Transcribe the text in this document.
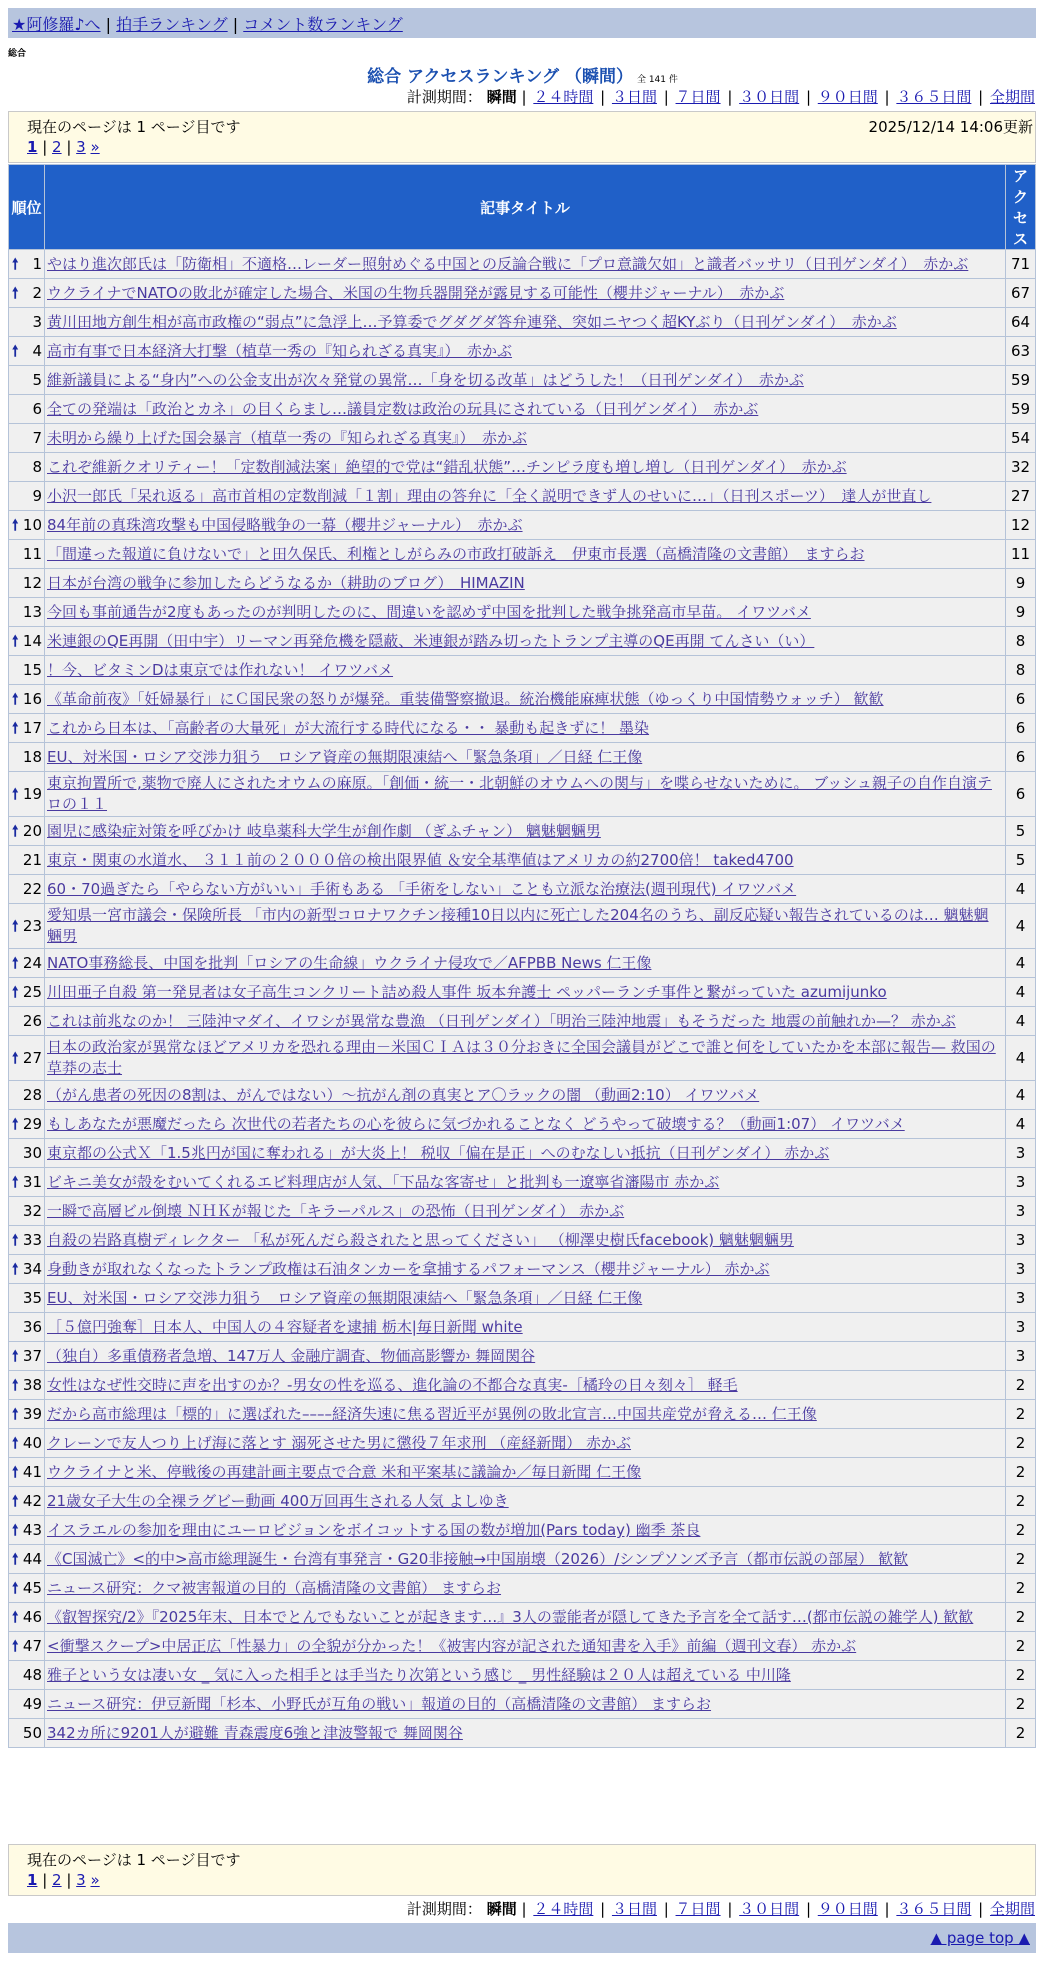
★阿修羅♪へ | 拍手ランキング | コメント数ランキング
総合
総合 アクセスランキング （瞬間） 全 141 件
計測期間： 瞬間 | ２４時間 | ３日間 | ７日間 | ３０日間 | ９０日間 | ３６５日間 | 全期間
現在のページは 1 ページ目です	2025/12/14 14:06更新
1 | 2 | 3 »
順位	記事タイトル	アクセス

🠕 1	やはり進次郎氏は「防衛相」不適格…レーダー照射めぐる中国との反論合戦に「プロ意識欠如」と識者バッサリ（日刊ゲンダイ）　赤かぶ	71

🠕 2	ウクライナでNATOの敗北が確定した場合、米国の生物兵器開発が露見する可能性（櫻井ジャーナル）　赤かぶ	67
3	黄川田地方創生相が高市政権の“弱点”に急浮上…予算委でグダグダ答弁連発、突如ニヤつく超KYぶり（日刊ゲンダイ）　赤かぶ	64

🠕 4	高市有事で日本経済大打撃（植草一秀の『知られざる真実』）　赤かぶ	63
5	維新議員による“身内”への公金支出が次々発覚の異常…「身を切る改革」はどうした！（日刊ゲンダイ）　赤かぶ	59
6	全ての発端は「政治とカネ」の目くらまし…議員定数は政治の玩具にされている（日刊ゲンダイ）　赤かぶ	59
7	未明から繰り上げた国会暴言（植草一秀の『知られざる真実』）　赤かぶ	54
8	これぞ維新クオリティー！「定数削減法案」絶望的で党は“錯乱状態”…チンピラ度も増し増し（日刊ゲンダイ）　赤かぶ	32
9	小沢一郎氏「呆れ返る」高市首相の定数削減「１割」理由の答弁に「全く説明できず人のせいに…」（日刊スポーツ）　達人が世直し	27

🠕 10	84年前の真珠湾攻撃も中国侵略戦争の一幕（櫻井ジャーナル）　赤かぶ	12
11	「間違った報道に負けないで」と田久保氏、利権としがらみの市政打破訴え　伊東市長選（高橋清隆の文書館）　ますらお	11
12	日本が台湾の戦争に参加したらどうなるか（耕助のブログ）　HIMAZIN	9
13	今回も事前通告が2度もあったのが判明したのに、間違いを認めず中国を批判した戦争挑発高市早苗。 イワツバメ	9

🠕 14	米連銀のQE再開（田中宇）リーマン再発危機を隠蔽、米連銀が踏み切ったトランプ主導のQE再開 てんさい（い）	8
15	！今、ビタミンDは東京では作れない！ イワツバメ	8

🠕 16	《革命前夜》「妊婦暴行」にＣ国民衆の怒りが爆発。重装備警察撤退。統治機能麻痺状態（ゆっくり中国情勢ウォッチ） 歓歓	6

🠕 17	これから日本は、「高齢者の大量死」が大流行する時代になる・・ 暴動も起きずに！ 墨染	6
18	EU、対米国・ロシア交渉力狙う　ロシア資産の無期限凍結へ「緊急条項」／日経 仁王像	6

🠕 19	東京拘置所で,薬物で廃人にされたオウムの麻原。「創価・統一・北朝鮮のオウムへの関与」を喋らせないために。 ブッシュ親子の自作自演テロの１１	6

🠕 20	園児に感染症対策を呼びかけ 岐阜薬科大学生が創作劇 （ぎふチャン） 魑魅魍魎男	5
21	東京・関東の水道水、 ３１１前の２０００倍の検出限界値 ＆安全基準値はアメリカの約2700倍！ taked4700	5
22	60・70過ぎたら「やらない方がいい」手術もある 「手術をしない」ことも立派な治療法(週刊現代) イワツバメ	4

🠕 23	愛知県一宮市議会・保険所長 「市内の新型コロナワクチン接種10日以内に死亡した204名のうち、副反応疑い報告されているのは… 魑魅魍魎男	4

🠕 24	NATO事務総長、中国を批判「ロシアの生命線」ウクライナ侵攻で／AFPBB News 仁王像	4

🠕 25	川田亜子自殺 第一発見者は女子高生コンクリート詰め殺人事件 坂本弁護士 ペッパーランチ事件と繋がっていた azumijunko	4
26	これは前兆なのか！ 三陸沖マダイ、イワシが異常な豊漁 （日刊ゲンダイ）「明治三陸沖地震」もそうだった 地震の前触れか—？ 赤かぶ	4

🠕 27	日本の政治家が異常なほどアメリカを恐れる理由－米国ＣＩＡは３０分おきに全国会議員がどこで誰と何をしていたかを本部に報告— 救国の草莽の志士	4
28	（がん患者の死因の8割は、がんではない）～抗がん剤の真実とア〇ラックの闇 （動画2:10） イワツバメ	4

🠕 29	もしあなたが悪魔だったら 次世代の若者たちの心を彼らに気づかれることなく どうやって破壊する？（動画1:07） イワツバメ	4
30	東京都の公式Ｘ「1.5兆円が国に奪われる」が大炎上！ 税収「偏在是正」へのむなしい抵抗（日刊ゲンダイ） 赤かぶ	3

🠕 31	ビキニ美女が殻をむいてくれるエビ料理店が人気、「下品な客寄せ」と批判も一遼寧省瀋陽市 赤かぶ	3
32	一瞬で高層ビル倒壊 ＮＨＫが報じた「キラーパルス」の恐怖（日刊ゲンダイ） 赤かぶ	3

🠕 33	自殺の岩路真樹ディレクター 「私が死んだら殺されたと思ってください」 （柳澤史樹氏facebook) 魑魅魍魎男	3

🠕 34	身動きが取れなくなったトランプ政権は石油タンカーを拿捕するパフォーマンス（櫻井ジャーナル） 赤かぶ	3
35	EU、対米国・ロシア交渉力狙う　ロシア資産の無期限凍結へ「緊急条項」／日経 仁王像	3
36	［５億円強奪］日本人、中国人の４容疑者を逮捕 栃木|毎日新聞 white	3

🠕 37	（独自）多重債務者急増、147万人 金融庁調査、物価高影響か 舞岡関谷	3

🠕 38	女性はなぜ性交時に声を出すのか？-男女の性を巡る、進化論の不都合な真実-［橘玲の日々刻々］ 軽毛	2

🠕 39	だから高市総理は「標的」に選ばれた––––経済失速に焦る習近平が異例の敗北宣言…中国共産党が脅える… 仁王像	2

🠕 40	クレーンで友人つり上げ海に落とす 溺死させた男に懲役７年求刑 （産経新聞） 赤かぶ	2

🠕 41	ウクライナと米、停戦後の再建計画主要点で合意 米和平案基に議論か／毎日新聞 仁王像	2

🠕 42	21歳女子大生の全裸ラグビー動画 400万回再生される人気 よしゆき	2

🠕 43	イスラエルの参加を理由にユーロビジョンをボイコットする国の数が増加(Pars today) 幽季 茶良	2

🠕 44	《C国滅亡》<的中>高市総理誕生・台湾有事発言・G20非接触→中国崩壊（2026）/シンプソンズ予言（都市伝説の部屋） 歓歓	2

🠕 45	ニュース研究：クマ被害報道の目的（高橋清隆の文書館） ますらお	2

🠕 46	《叡智探究/2》『2025年末、日本でとんでもないことが起きます…』3人の霊能者が隠してきた予言を全て話す…(都市伝説の雑学人) 歓歓	2

🠕 47	<衝撃スクープ>中居正広「性暴力」の全貌が分かった！《被害内容が記された通知書を入手》前編（週刊文春） 赤かぶ	2
48	雅子という女は凄い女 _ 気に入った相手とは手当たり次第という感じ _ 男性経験は２０人は超えている 中川隆	2
49	ニュース研究：伊豆新聞「杉本、小野氏が互角の戦い」報道の目的（高橋清隆の文書館） ますらお	2
50	342カ所に9201人が避難 青森震度6強と津波警報で 舞岡関谷	2
現在のページは 1 ページ目です
1 | 2 | 3 »
計測期間： 瞬間 | ２４時間 | ３日間 | ７日間 | ３０日間 | ９０日間 | ３６５日間 | 全期間
▲ page top ▲
